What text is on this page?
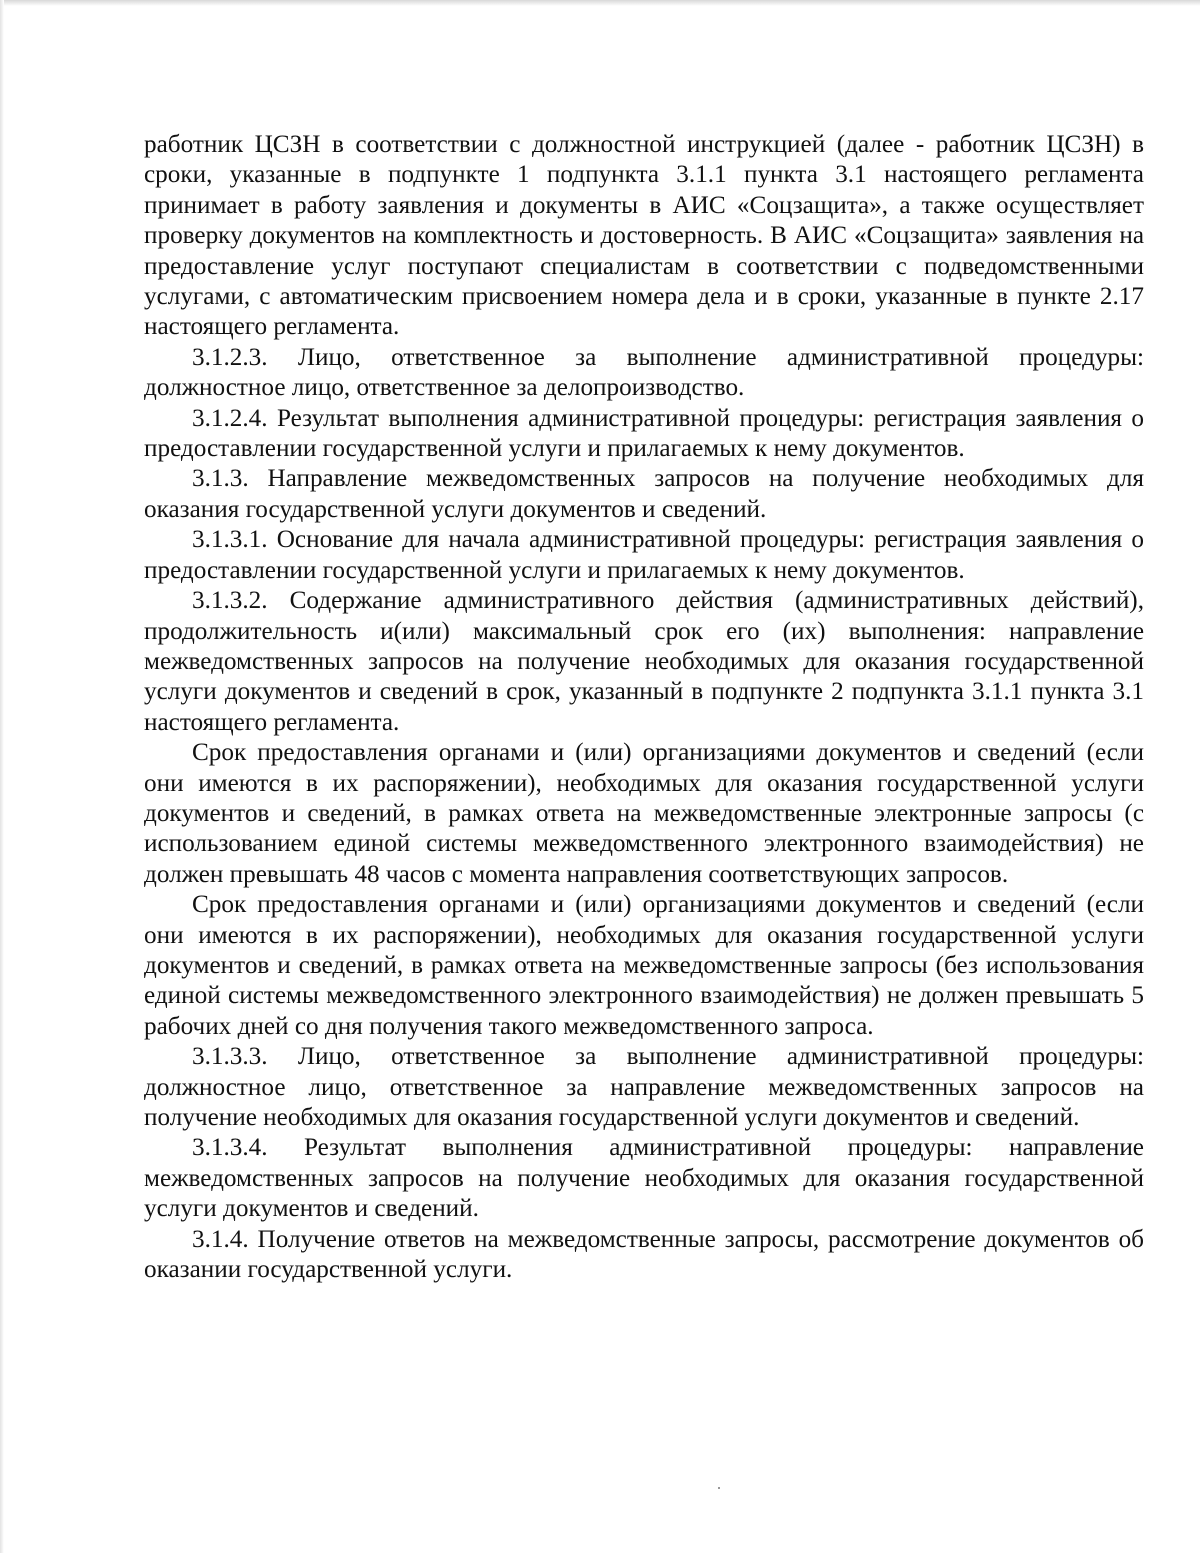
работник ЦСЗН в соответствии с должностной инструкцией (далее - работник ЦСЗН) в сроки, указанные в подпункте 1 подпункта 3.1.1 пункта 3.1 настоящего регламента принимает в работу заявления и документы в АИС «Соцзащита», а также осуществляет проверку документов на комплектность и достоверность. В АИС «Соцзащита» заявления на предоставление услуг поступают специалистам в соответствии с подведомственными услугами, с автоматическим присвоением номера дела и в сроки, указанные в пункте 2.17 настоящего регламента.

3.1.2.3. Лицо, ответственное за выполнение административной процедуры: должностное лицо, ответственное за делопроизводство.

3.1.2.4. Результат выполнения административной процедуры: регистрация заявления о предоставлении государственной услуги и прилагаемых к нему документов.

3.1.3. Направление межведомственных запросов на получение необходимых для оказания государственной услуги документов и сведений.

3.1.3.1. Основание для начала административной процедуры: регистрация заявления о предоставлении государственной услуги и прилагаемых к нему документов.

3.1.3.2. Содержание административного действия (административных действий), продолжительность и(или) максимальный срок его (их) выполнения: направление межведомственных запросов на получение необходимых для оказания государственной услуги документов и сведений в срок, указанный в подпункте 2 подпункта 3.1.1 пункта 3.1 настоящего регламента.

Срок предоставления органами и (или) организациями документов и сведений (если они имеются в их распоряжении), необходимых для оказания государственной услуги документов и сведений, в рамках ответа на межведомственные электронные запросы (с использованием единой системы межведомственного электронного взаимодействия) не должен превышать 48 часов с момента направления соответствующих запросов.

Срок предоставления органами и (или) организациями документов и сведений (если они имеются в их распоряжении), необходимых для оказания государственной услуги документов и сведений, в рамках ответа на межведомственные запросы (без использования единой системы межведомственного электронного взаимодействия) не должен превышать 5 рабочих дней со дня получения такого межведомственного запроса.

3.1.3.3. Лицо, ответственное за выполнение административной процедуры: должностное лицо, ответственное за направление межведомственных запросов на получение необходимых для оказания государственной услуги документов и сведений.

3.1.3.4. Результат выполнения административной процедуры: направление межведомственных запросов на получение необходимых для оказания государственной услуги документов и сведений.

3.1.4. Получение ответов на межведомственные запросы, рассмотрение документов об оказании государственной услуги.
